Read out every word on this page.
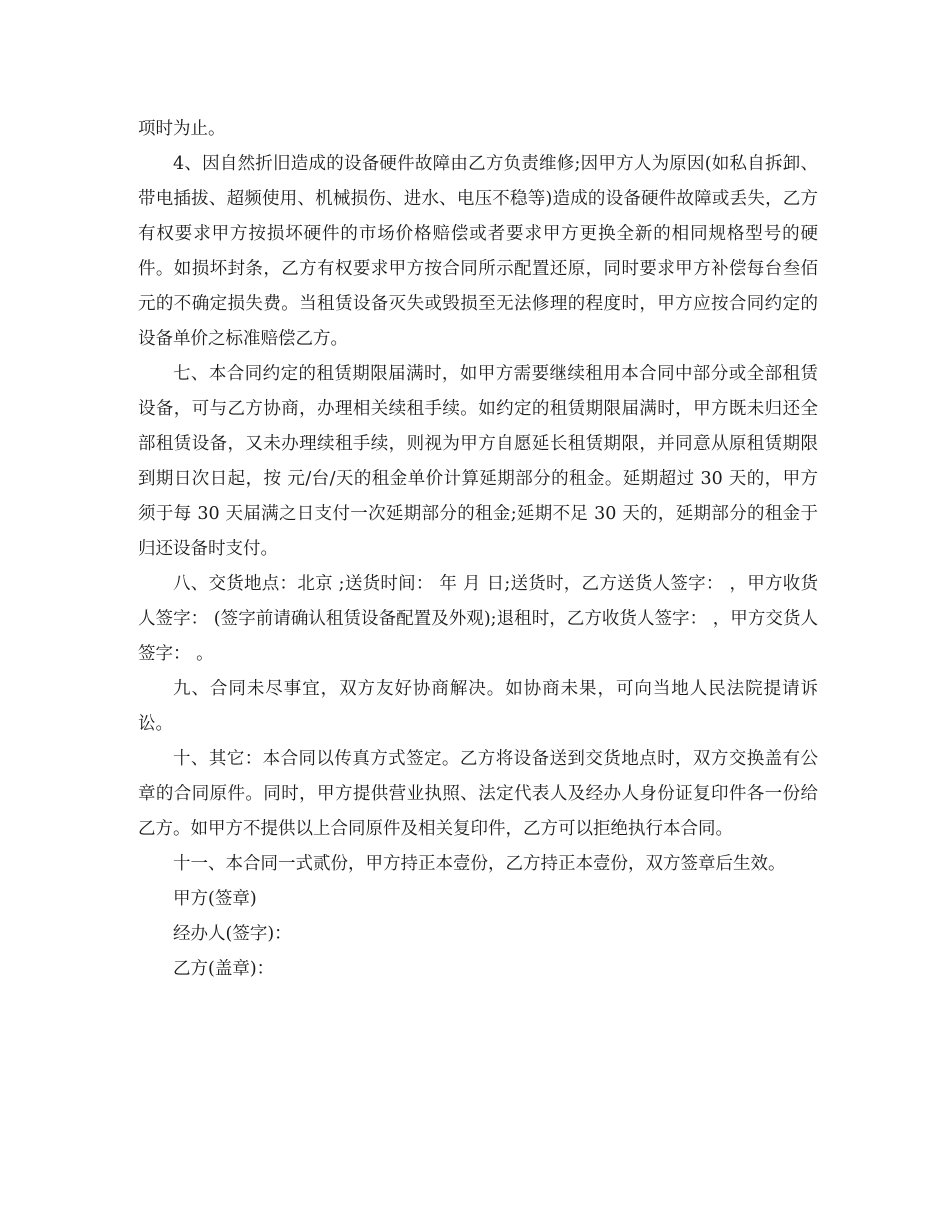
项时为止。

4、因自然折旧造成的设备硬件故障由乙方负责维修;因甲方人为原因(如私自拆卸、带电插拔、超频使用、机械损伤、进水、电压不稳等)造成的设备硬件故障或丢失，乙方有权要求甲方按损坏硬件的市场价格赔偿或者要求甲方更换全新的相同规格型号的硬件。如损坏封条，乙方有权要求甲方按合同所示配置还原，同时要求甲方补偿每台叁佰元的不确定损失费。当租赁设备灭失或毁损至无法修理的程度时，甲方应按合同约定的设备单价之标准赔偿乙方。

七、本合同约定的租赁期限届满时，如甲方需要继续租用本合同中部分或全部租赁设备，可与乙方协商，办理相关续租手续。如约定的租赁期限届满时，甲方既未归还全部租赁设备，又未办理续租手续，则视为甲方自愿延长租赁期限，并同意从原租赁期限到期日次日起，按 元/台/天的租金单价计算延期部分的租金。延期超过 30 天的，甲方须于每 30 天届满之日支付一次延期部分的租金;延期不足 30 天的，延期部分的租金于归还设备时支付。

八、交货地点：北京 ;送货时间： 年 月 日;送货时，乙方送货人签字： ，甲方收货人签字： (签字前请确认租赁设备配置及外观);退租时，乙方收货人签字： ，甲方交货人签字： 。

九、合同未尽事宜，双方友好协商解决。如协商未果，可向当地人民法院提请诉讼。

十、其它：本合同以传真方式签定。乙方将设备送到交货地点时，双方交换盖有公章的合同原件。同时，甲方提供营业执照、法定代表人及经办人身份证复印件各一份给乙方。如甲方不提供以上合同原件及相关复印件，乙方可以拒绝执行本合同。

十一、本合同一式贰份，甲方持正本壹份，乙方持正本壹份，双方签章后生效。

甲方(签章)

经办人(签字)：

乙方(盖章)：
